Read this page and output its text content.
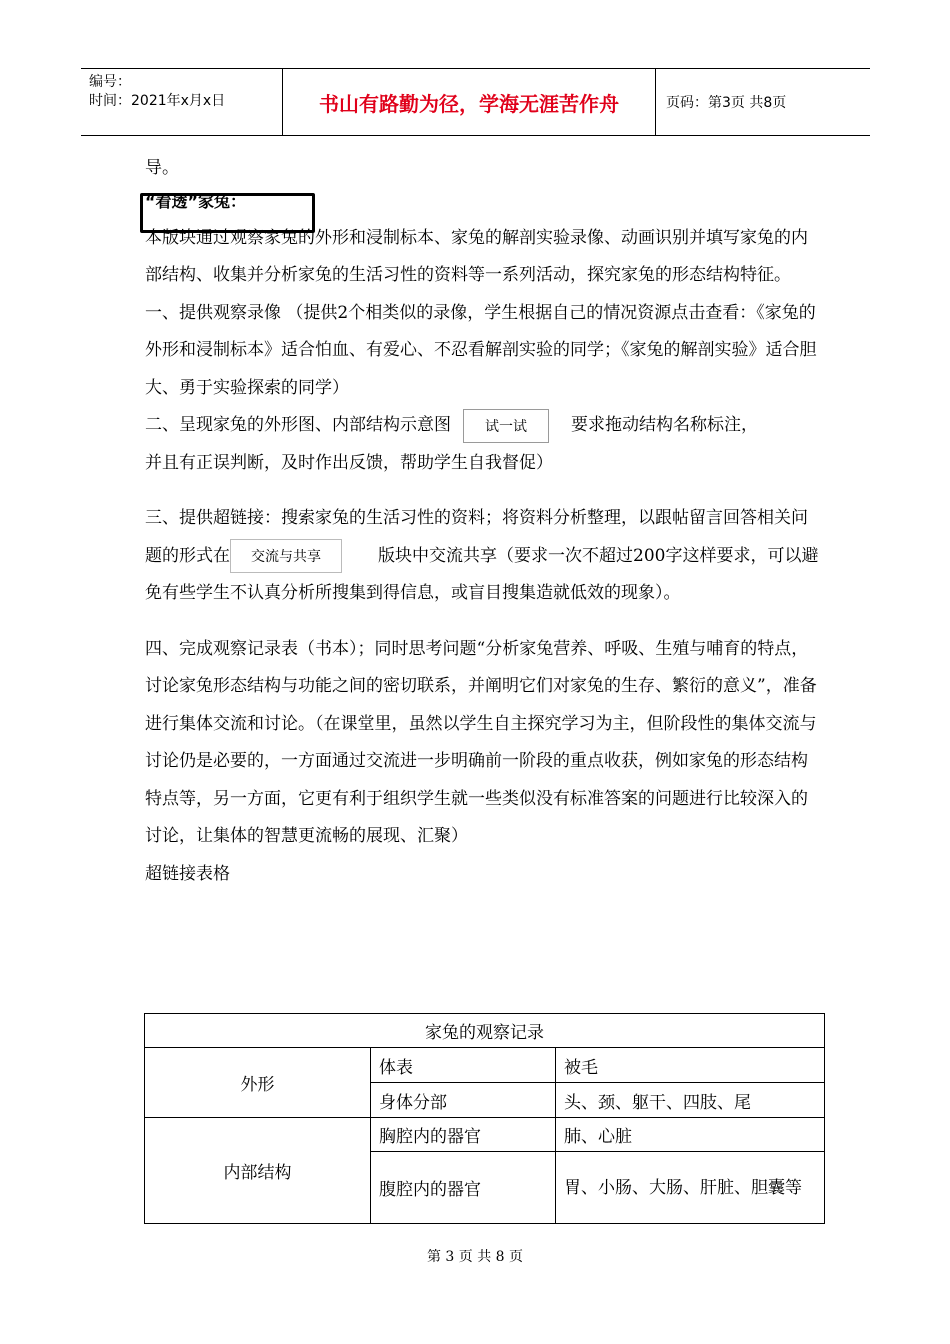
编号：
时间：2021年x月x日	书山有路勤为径，学海无涯苦作舟	页码：第3页 共8页

导。

“看透”家兔：

本版块通过观察家兔的外形和浸制标本、家兔的解剖实验录像、动画识别并填写家兔的内部结构、收集并分析家兔的生活习性的资料等一系列活动，探究家兔的形态结构特征。

一、提供观察录像 （提供2个相类似的录像，学生根据自己的情况资源点击查看：《家兔的外形和浸制标本》适合怕血、有爱心、不忍看解剖实验的同学；《家兔的解剖实验》适合胆大、勇于实验探索的同学）

二、呈现家兔的外形图、内部结构示意图 试一试	要求拖动结构名称标注，
并且有正误判断，及时作出反馈，帮助学生自我督促）

三、提供超链接：搜索家兔的生活习性的资料；将资料分析整理，以跟帖留言回答相关问题的形式在 交流与共享	版块中交流共享（要求一次不超过200字这样要求，可以避免有些学生不认真分析所搜集到得信息，或盲目搜集造就低效的现象）。

四、完成观察记录表（书本）；同时思考问题“分析家兔营养、呼吸、生殖与哺育的特点，讨论家兔形态结构与功能之间的密切联系，并阐明它们对家兔的生存、繁衍的意义”，准备进行集体交流和讨论。（在课堂里，虽然以学生自主探究学习为主，但阶段性的集体交流与讨论仍是必要的，一方面通过交流进一步明确前一阶段的重点收获，例如家兔的形态结构特点等，另一方面，它更有利于组织学生就一些类似没有标准答案的问题进行比较深入的讨论，让集体的智慧更流畅的展现、汇聚）

超链接表格

家兔的观察记录		
外形	体表	被毛
	身体分部	头、颈、躯干、四肢、尾
内部结构	胸腔内的器官	肺、心脏
	腹腔内的器官	胃、小肠、大肠、肝脏、胆囊等
第 3 页 共 8 页
